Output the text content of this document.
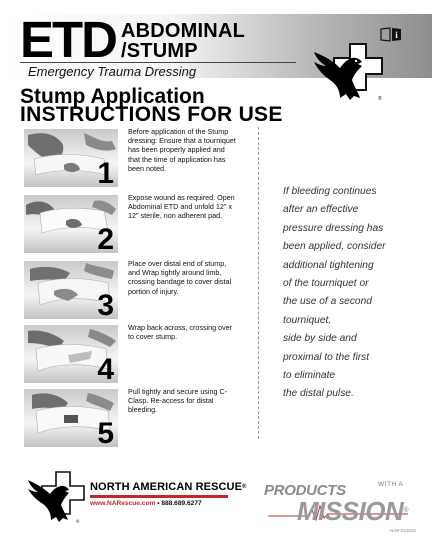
ETD ABDOMINAL
/STUMP
Emergency Trauma Dressing
i
®
Stump Application
INSTRUCTIONS FOR USE
1
Before application of the Stump dressing: Ensure that a tourniquet has been properly applied and that the time of application has been noted.
2
Expose wound as required. Open Abdominal ETD and unfold 12" x 12" sterile, non adherent pad.
3
Place over distal end of stump, and Wrap tightly around limb, crossing bandage to cover distal portion of injury.
4
Wrap back across, crossing over to cover stump.
5
Pull tightly and secure using C-Clasp. Re-access for distal bleeding.
If bleeding continues
after an effective
pressure dressing has
been applied, consider
additional tightening
of the tourniquet or
the use of a second
tourniquet,
side by side and
proximal to the first
to eliminate
the distal pulse.
®
NORTH AMERICAN RESCUE®
www.NARescue.com • 888.689.6277
PRODUCTS	WITH A
MISSION®
NAR-012915
